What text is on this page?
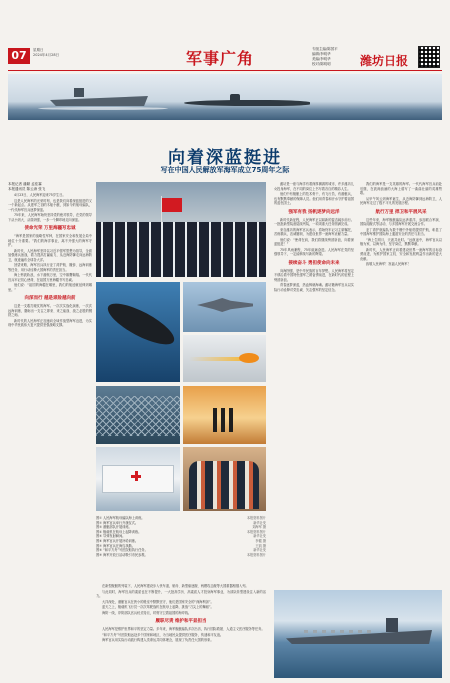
07	星期日
2024年4月28日	军事广角	专版主编/陈国平
编辑/李明华
美编/李明华
校对/陈明明	潍坊日报
向着深蓝挺进
写在中国人民解放军海军成立75周年之际
本报记者 潘颖 孟佳霖
本报通讯员 陈云涛 张飞
4月23日，人民海军迎来75岁生日。
这是人民海军的光荣时刻，也是我们向着深蓝挺进的又一个新起点。从建军之初的木船小艇，到如今的航母编队，一代代海军官兵逐梦深蓝。
75年来，人民海军始终坚持党的绝对领导，在党的领导下从小到大、从弱到强，一步一个脚印地走向深蓝。
使命光荣 万里海疆写忠诚
“海军是国家的战略性军种，在国家安全和发展全局中地位十分重要。”我们的海洋事业，离不开强大的海军守护。
新时代，人民海军坚持以习近平强军思想为指导，全面加强练兵备战，着力提高打赢能力，从近海防御走向远海防卫，航迹遍布全球各大洋。
回望来路，海军官兵执行亚丁湾护航、撤侨、远海训练等任务，用行动诠释大国海军的责任担当。
海上劈波斩浪，水下潜航万里，空中雄鹰翱翔。一代代官兵牢记初心使命，在祖国万里海疆书写忠诚。
他们说：“祖国的海疆在哪里，我们的航迹就延伸到哪里。”
向深而行 越是艰险越向前
这是一支敢打硬仗的海军。一次次实战化演练，一次次远海训练，磨砺出一支召之即来、来之能战、战之必胜的钢铁之师。
新时代的人民海军正加速向全域作战型海军迈进，为实现中华民族伟大复兴提供坚强战略支撑。
在新型舰艇的列装下，人民海军建设步入快车道，航母、新型驱逐舰、两栖攻击舰等大国重器相继入列。
与此同时，海军官兵的素质也在不断提升，一大批高学历、高素质人才投身海军事业，为部队转型建设注入新的活力。
大洋深处，潜艇官兵在狭小的舱室中默默坚守，他们是国家安全的“深海利剑”。
蓝天之上，舰载机飞行员一次次驾驶战机在航母上起降，挑战“刀尖上的舞蹈”。
海防一线，岸防部队官兵枕戈待旦，时刻守卫着祖国的海岸线。
履职尽责 维护和平显担当
人民海军是维护世界和平的坚定力量。多年来，海军舰艇编队多次出访，执行国际救援、人道主义医疗服务等任务。
“和平方舟”号医院船远赴多个国家和地区，为当地民众提供医疗服务，传递和平友谊。
海军官兵用实际行动践行构建人类命运共同体理念，展现了负责任大国的形象。
潍坊是一座与海洋有着深厚渊源的城市，许多潍坊儿女投身海军，在不同的岗位上书写着各自的精彩人生。
他们中有舰艇上的技术骨干，有飞行员，有潜艇兵，也有默默奉献的保障人员。他们用青春和汗水守护着祖国的蓝色国土。
强军有我 扬帆逐梦向远洋
新时代新征程，人民海军正以崭新的姿态阔步前行。一批批新型装备陆续列装，一项项重大任务圆满完成。
来自潍坊的海军官兵表示，将始终牢记习主席嘱托，苦练精兵，忠诚履职，为建设世界一流海军贡献力量。
他们说：“使命在肩，我们将继续劈波斩浪，向着深蓝挺进！”
75年风雨兼程，75年砥砺奋进。人民海军在党的坚强领导下，一定能够续写新的辉煌。
接续奋斗 勇担使命向未来
向海图强，是中华民族的百年梦想。人民海军将坚定不移沿着中国特色强军之路奋勇前进，在新时代的征程上劈波斩浪。
青春逐梦深蓝，热血铸就海魂。潍坊籍海军官兵以实际行动诠释对党忠诚、矢志强军的坚定信念。
我们的海军是一支英雄的海军。一代代海军官兵前赴后继，在波涛汹涌的大海上谱写了一曲曲壮丽的英雄赞歌。
从甲午风云到海军诞生，从近海防御到远海防卫，人民海军走过了极不平凡的发展历程。
航行万里 捍卫和平展风采
这些年来，海军舰艇编队远涉重洋，参加联合军演、国际阅舰式等活动，与多国海军开展交流合作。
亚丁湾护航编队为数千艘中外船舶提供护航，彰显了中国海军维护国际海上通道安全的责任与担当。
“海上生明月，天涯共此时。”远航途中，海军官兵以舰为家，以海为伴，坚守岗位，默默奉献。
新时代，人民海军正向着建设世界一流海军的目标奋勇前进，为维护国家主权、安全和发展利益作出新的更大贡献。
致敬人民海军！祝福人民海军！
图① 人民海军航母编队海上训练。	本报资料图片
图② 海军官兵举行升旗仪式。	新华社发
图③ 潜艇部队开展训练。	刘海军 摄
图④ 舰载机在航母上起降训练。	本报资料图片
图⑤ 导弹发射瞬间。	新华社发
图⑥ 海军官兵开展补给训练。	李健 摄
图⑦ 海军官兵在海岛执勤。	王凯 摄
图⑧ “和平方舟”号医院船执行任务。	新华社发
图⑨ 海军开放日活动吸引市民参观。	本报资料图片
